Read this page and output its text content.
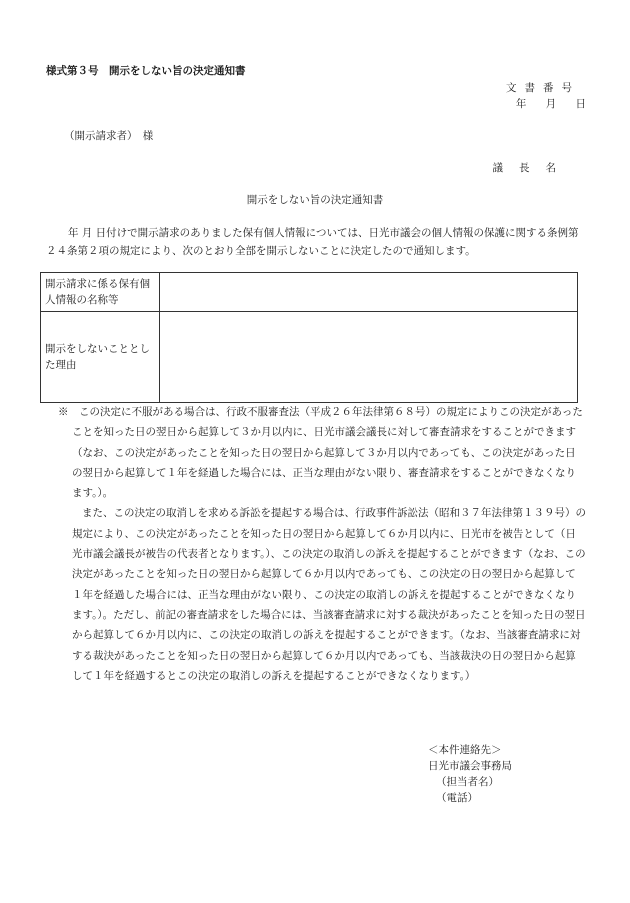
様式第３号　開示をしない旨の決定通知書
文書番号
年 月 日
（開示請求者）　様
議長名
開示をしない旨の決定通知書

年 月 日付けで開示請求のありました保有個人情報については、日光市議会の個人情報の保護に関する条例第２４条第２項の規定により、次のとおり全部を開示しないことに決定したので通知します。

開示請求に係る保有個人情報の名称等	
開示をしないこととした理由	

※　この決定に不服がある場合は、行政不服審査法（平成２６年法律第６８号）の規定によりこの決定があったことを知った日の翌日から起算して３か月以内に、日光市議会議長に対して審査請求をすることができます（なお、この決定があったことを知った日の翌日から起算して３か月以内であっても、この決定があった日の翌日から起算して１年を経過した場合には、正当な理由がない限り、審査請求をすることができなくなります。）。

また、この決定の取消しを求める訴訟を提起する場合は、行政事件訴訟法（昭和３７年法律第１３９号）の規定により、この決定があったことを知った日の翌日から起算して６か月以内に、日光市を被告として（日光市議会議長が被告の代表者となります。）、この決定の取消しの訴えを提起することができます（なお、この決定があったことを知った日の翌日から起算して６か月以内であっても、この決定の日の翌日から起算して１年を経過した場合には、正当な理由がない限り、この決定の取消しの訴えを提起することができなくなります。）。ただし、前記の審査請求をした場合には、当該審査請求に対する裁決があったことを知った日の翌日から起算して６か月以内に、この決定の取消しの訴えを提起することができます。（なお、当該審査請求に対する裁決があったことを知った日の翌日から起算して６か月以内であっても、当該裁決の日の翌日から起算して１年を経過するとこの決定の取消しの訴えを提起することができなくなります。）

＜本件連絡先＞
日光市議会事務局
（担当者名）
（電話）
